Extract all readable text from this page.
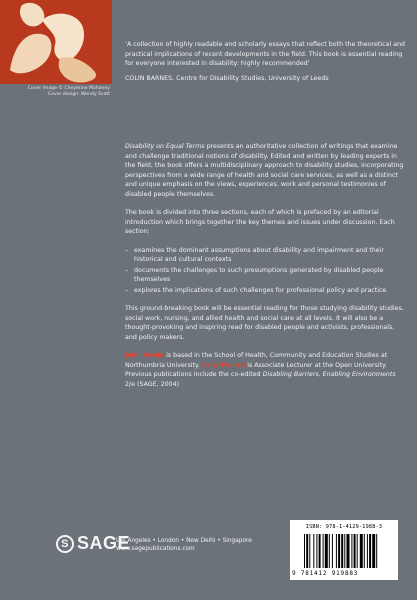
Cover image © Cheyenne Mahoney
Cover design: Wendy Scott
‘A collection of highly readable and scholarly essays that reflect both the theoretical and practical implications of recent developments in the field. This book is essential reading for everyone interested in disability: highly recommended’
COLIN BARNES, Centre for Disability Studies, University of Leeds

Disability on Equal Terms presents an authoritative collection of writings that examine and challenge traditional notions of disability. Edited and written by leading experts in the field, the book offers a multidisciplinary approach to disability studies, incorporating perspectives from a wide range of health and social care services, as well as a distinct and unique emphasis on the views, experiences, work and personal testimonies of disabled people themselves.

The book is divided into three sections, each of which is prefaced by an editorial introduction which brings together the key themes and issues under discussion. Each section:

– examines the dominant assumptions about disability and impairment and their historical and cultural contexts
– documents the challenges to such presumptions generated by disabled people themselves
– explores the implications of such challenges for professional policy and practice

This ground-breaking book will be essential reading for those studying disability studies, social work, nursing, and allied health and social care at all levels. It will also be a thought-provoking and inspiring read for disabled people and activists, professionals, and policy makers.

John Swain is based in the School of Health, Community and Education Studies at Northumbria University. Sally French is Associate Lecturer at the Open University. Previous publications include the co-edited Disabling Barriers, Enabling Environments 2/e (SAGE, 2004)

S SAGE
Los Angeles • London • New Delhi • Singapore
www.sagepublications.com
ISBN: 978-1-4129-1988-3
9 781412 919883
